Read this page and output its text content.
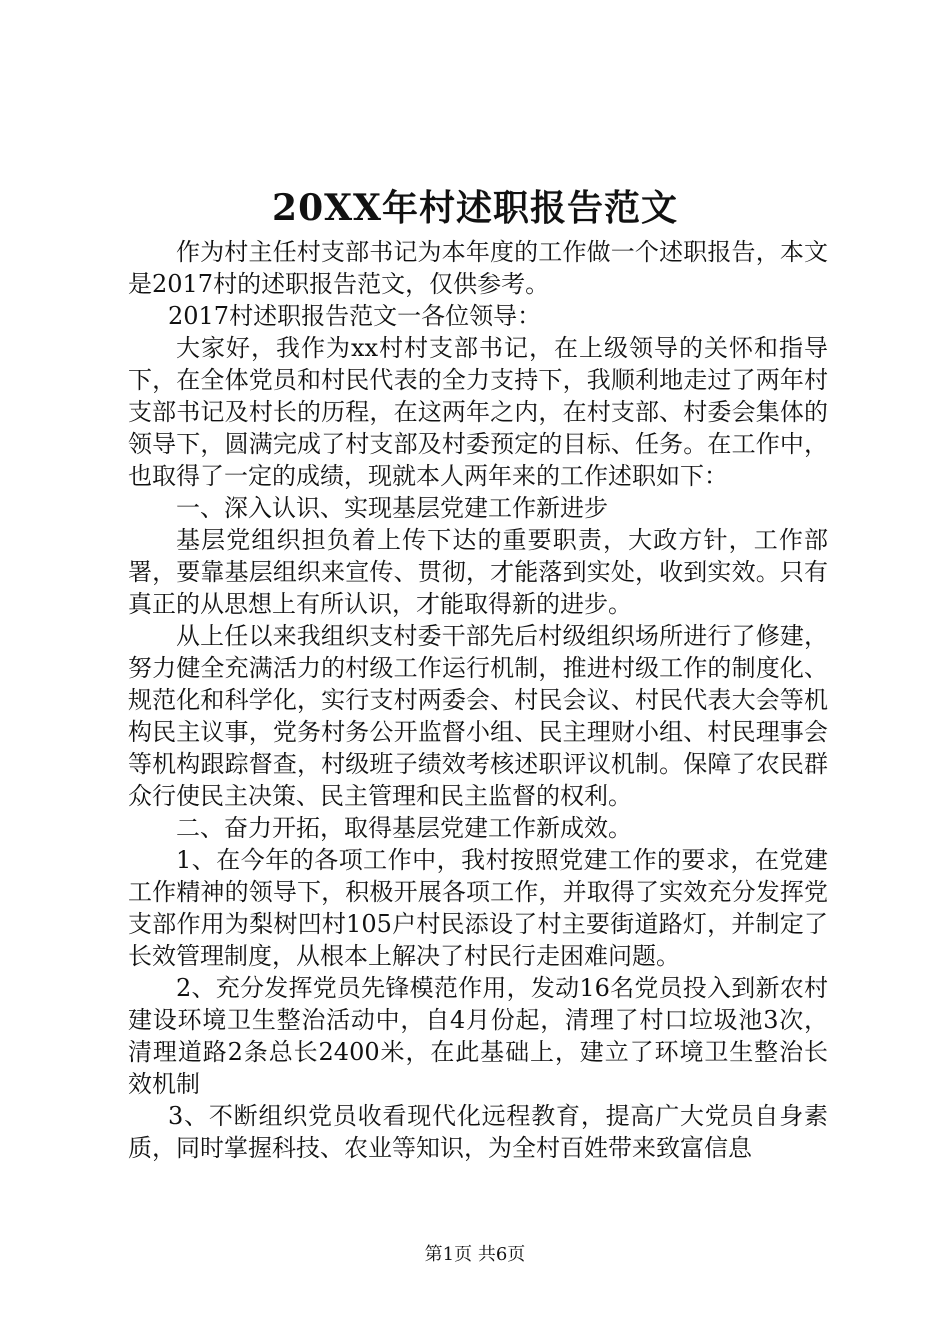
20XX年村述职报告范文

作为村主任村支部书记为本年度的工作做一个述职报告，本文是2017村的述职报告范文，仅供参考。

2017村述职报告范文一各位领导：

大家好，我作为xx村村支部书记，在上级领导的关怀和指导下，在全体党员和村民代表的全力支持下，我顺利地走过了两年村支部书记及村长的历程，在这两年之内，在村支部、村委会集体的领导下，圆满完成了村支部及村委预定的目标、任务。在工作中，也取得了一定的成绩，现就本人两年来的工作述职如下：

一、深入认识、实现基层党建工作新进步

基层党组织担负着上传下达的重要职责，大政方针，工作部署，要靠基层组织来宣传、贯彻，才能落到实处，收到实效。只有真正的从思想上有所认识，才能取得新的进步。

从上任以来我组织支村委干部先后村级组织场所进行了修建，努力健全充满活力的村级工作运行机制，推进村级工作的制度化、规范化和科学化，实行支村两委会、村民会议、村民代表大会等机构民主议事，党务村务公开监督小组、民主理财小组、村民理事会等机构跟踪督查，村级班子绩效考核述职评议机制。保障了农民群众行使民主决策、民主管理和民主监督的权利。

二、奋力开拓，取得基层党建工作新成效。

1、在今年的各项工作中，我村按照党建工作的要求，在党建工作精神的领导下，积极开展各项工作，并取得了实效充分发挥党支部作用为梨树凹村105户村民添设了村主要街道路灯，并制定了长效管理制度，从根本上解决了村民行走困难问题。

2、充分发挥党员先锋模范作用，发动16名党员投入到新农村建设环境卫生整治活动中，自4月份起，清理了村口垃圾池3次，清理道路2条总长2400米，在此基础上，建立了环境卫生整治长效机制

3、不断组织党员收看现代化远程教育，提高广大党员自身素质，同时掌握科技、农业等知识，为全村百姓带来致富信息

第1页 共6页
